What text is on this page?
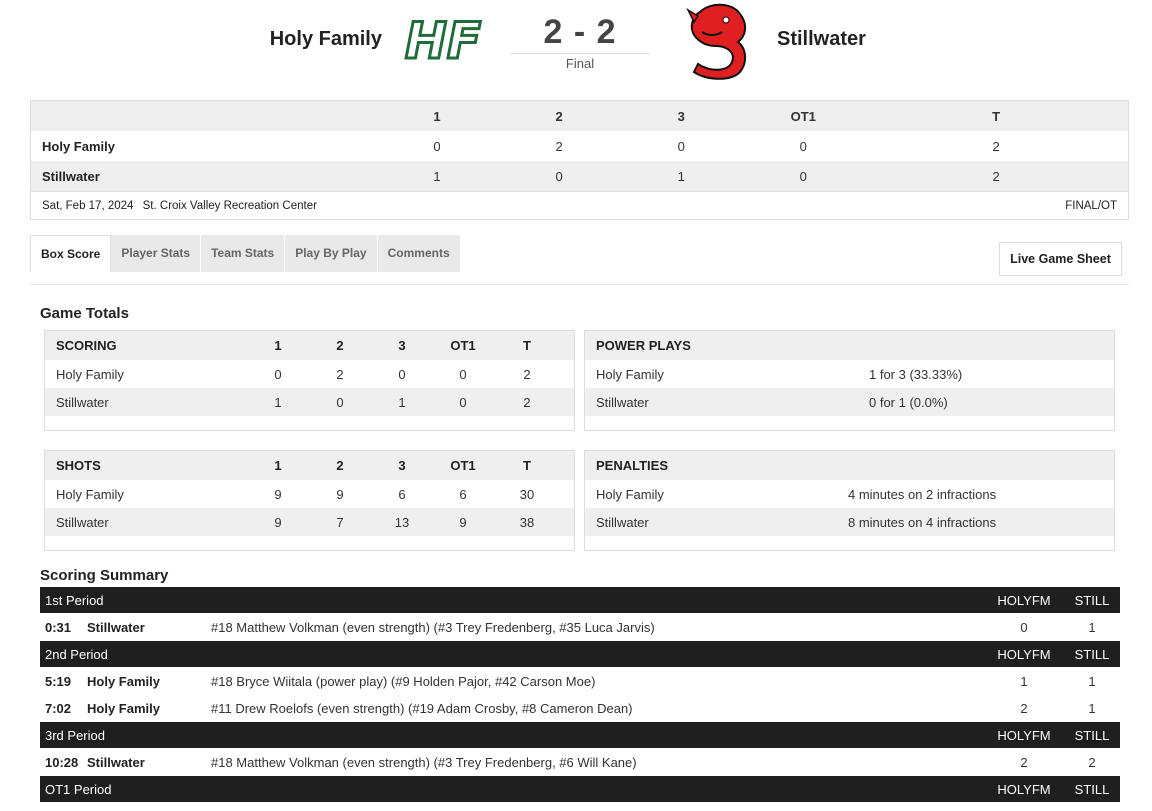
Holy Family HF	2 - 2
Final
Stillwater
1	2	3	OT1	T
Holy Family	0	2	0	0	2
Stillwater	1	0	1	0	2
Sat, Feb 17, 2024 St. Croix Valley Recreation Center	FINAL/OT
Box Score	Player Stats	Team Stats	Play By Play	Comments	Live Game Sheet
Game Totals
SCORING	1	2	3	OT1	T
Holy Family	0	2	0	0	2
Stillwater	1	0	1	0	2
POWER PLAYS
Holy Family	1 for 3 (33.33%)
Stillwater	0 for 1 (0.0%)
SHOTS	1	2	3	OT1	T
Holy Family	9	9	6	6	30
Stillwater	9	7	13	9	38
PENALTIES
Holy Family	4 minutes on 2 infractions
Stillwater	8 minutes on 4 infractions
Scoring Summary
1st Period	HOLYFM	STILL
0:31	Stillwater	#18 Matthew Volkman (even strength) (#3 Trey Fredenberg, #35 Luca Jarvis)	0	1
2nd Period	HOLYFM	STILL
5:19	Holy Family	#18 Bryce Wiitala (power play) (#9 Holden Pajor, #42 Carson Moe)	1	1
7:02	Holy Family	#11 Drew Roelofs (even strength) (#19 Adam Crosby, #8 Cameron Dean)	2	1
3rd Period	HOLYFM	STILL
10:28 Stillwater	#18 Matthew Volkman (even strength) (#3 Trey Fredenberg, #6 Will Kane)	2	2
OT1 Period	HOLYFM	STILL
